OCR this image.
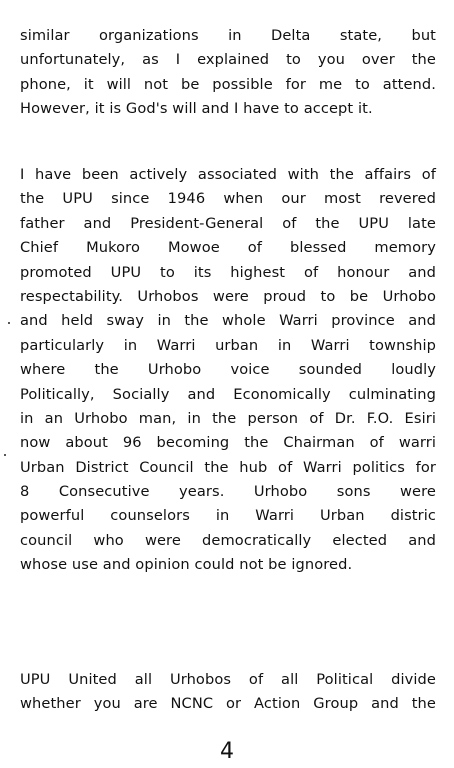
similar organizations in Delta state, but
unfortunately, as I explained to you over the
phone, it will not be possible for me to attend.
However, it is God's will and I have to accept it.
I have been actively associated with the affairs of
the UPU since 1946 when our most revered
father and President-General of the UPU late
Chief Mukoro Mowoe of blessed memory
promoted UPU to its highest of honour and
respectability. Urhobos were proud to be Urhobo
and held sway in the whole Warri province and
particularly in Warri urban in Warri township
where the Urhobo voice sounded loudly
Politically, Socially and Economically culminating
in an Urhobo man, in the person of Dr. F.O. Esiri
now about 96 becoming the Chairman of warri
Urban District Council the hub of Warri politics for
8 Consecutive years. Urhobo sons were
powerful counselors in Warri Urban distric
council who were democratically elected and
whose use and opinion could not be ignored.
UPU United all Urhobos of all Political divide
whether you are NCNC or Action Group and the
4
